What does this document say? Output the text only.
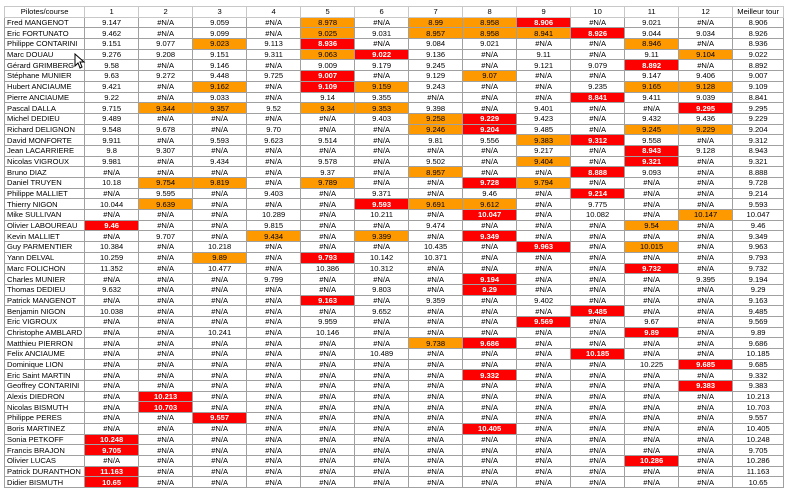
Pilotes/course	1	2	3	4	5	6	7	8	9	10	11	12	Meilleur tour
Fred MANGENOT	9.147	#N/A	9.059	#N/A	8.978	#N/A	8.99	8.958	8.906	#N/A	9.021	#N/A	8.906
Eric FORTUNATO	9.462	#N/A	9.099	#N/A	9.025	9.031	8.957	8.958	8.941	8.926	9.044	9.034	8.926
Philippe CONTARINI	9.151	9.077	9.023	9.113	8.936	#N/A	9.084	9.021	#N/A	#N/A	8.946	#N/A	8.936
Marc DOUAU	9.276	9.208	9.151	9.311	9.063	9.022	9.136	#N/A	9.11	#N/A	9.11	9.104	9.022
Gérard GRIMBERG	9.58	#N/A	9.146	#N/A	9.009	9.179	9.245	#N/A	9.121	9.079	8.892	#N/A	8.892
Stéphane MUNIER	9.63	9.272	9.448	9.725	9.007	#N/A	9.129	9.07	#N/A	#N/A	9.147	9.406	9.007
Hubert ANCIAUME	9.421	#N/A	9.162	#N/A	9.109	9.159	9.243	#N/A	#N/A	9.235	9.165	9.128	9.109
Pierre ANCIAUME	9.22	#N/A	9.033	#N/A	9.14	9.355	#N/A	#N/A	#N/A	8.841	9.411	9.039	8.841
Pascal DALLA	9.715	9.344	9.357	9.52	9.34	9.353	9.398	#N/A	9.401	#N/A	#N/A	9.295	9.295
Michel DEDIEU	9.489	#N/A	#N/A	#N/A	#N/A	9.403	9.258	9.229	9.423	#N/A	9.432	9.436	9.229
Richard DELIGNON	9.548	9.678	#N/A	9.70	#N/A	#N/A	9.246	9.204	9.485	#N/A	9.245	9.229	9.204
David MONFORTE	9.911	#N/A	9.593	9.623	9.514	#N/A	9.81	9.556	9.383	9.312	9.558	#N/A	9.312
Jean LACARRIERE	9.8	9.307	#N/A	#N/A	#N/A	#N/A	#N/A	#N/A	9.217	#N/A	8.943	9.128	8.943
Nicolas VIGROUX	9.981	#N/A	9.434	#N/A	9.578	#N/A	9.502	#N/A	9.404	#N/A	9.321	#N/A	9.321
Bruno DIAZ	#N/A	#N/A	#N/A	#N/A	9.37	#N/A	8.957	#N/A	#N/A	8.888	9.093	#N/A	8.888
Daniel TRUYEN	10.18	9.754	9.819	#N/A	9.789	#N/A	#N/A	9.728	9.794	#N/A	#N/A	#N/A	9.728
Philippe MALLIET	#N/A	9.595	#N/A	9.403	#N/A	9.371	#N/A	9.46	#N/A	9.214	#N/A	#N/A	9.214
Thierry NIGON	10.044	9.639	#N/A	#N/A	#N/A	9.593	9.691	9.612	#N/A	9.775	#N/A	#N/A	9.593
Mike SULLIVAN	#N/A	#N/A	#N/A	10.289	#N/A	10.211	#N/A	10.047	#N/A	10.082	#N/A	10.147	10.047
Olivier LABOUREAU	9.46	#N/A	#N/A	9.815	#N/A	#N/A	9.474	#N/A	#N/A	#N/A	9.54	#N/A	9.46
Kevin MALLIET	#N/A	9.707	#N/A	9.434	#N/A	9.399	#N/A	9.349	#N/A	#N/A	#N/A	#N/A	9.349
Guy PARMENTIER	10.384	#N/A	10.218	#N/A	#N/A	#N/A	10.435	#N/A	9.963	#N/A	10.015	#N/A	9.963
Yann DELVAL	10.259	#N/A	9.89	#N/A	9.793	10.142	10.371	#N/A	#N/A	#N/A	#N/A	#N/A	9.793
Marc FOLICHON	11.352	#N/A	10.477	#N/A	10.386	10.312	#N/A	#N/A	#N/A	#N/A	9.732	#N/A	9.732
Charles MUNIER	#N/A	#N/A	#N/A	9.799	#N/A	#N/A	#N/A	9.194	#N/A	#N/A	#N/A	9.395	9.194
Thomas DEDIEU	9.632	#N/A	#N/A	#N/A	#N/A	9.803	#N/A	9.29	#N/A	#N/A	#N/A	#N/A	9.29
Patrick MANGENOT	#N/A	#N/A	#N/A	#N/A	9.163	#N/A	9.359	#N/A	9.402	#N/A	#N/A	#N/A	9.163
Benjamin NIGON	10.038	#N/A	#N/A	#N/A	#N/A	9.652	#N/A	#N/A	#N/A	9.485	#N/A	#N/A	9.485
Eric VIGROUX	#N/A	#N/A	#N/A	#N/A	9.959	#N/A	#N/A	#N/A	9.569	#N/A	9.67	#N/A	9.569
Christophe AMBLARD	#N/A	#N/A	10.241	#N/A	10.146	#N/A	#N/A	#N/A	#N/A	#N/A	9.89	#N/A	9.89
Matthieu PIERRON	#N/A	#N/A	#N/A	#N/A	#N/A	#N/A	9.738	9.686	#N/A	#N/A	#N/A	#N/A	9.686
Felix ANCIAUME	#N/A	#N/A	#N/A	#N/A	#N/A	10.489	#N/A	#N/A	#N/A	10.185	#N/A	#N/A	10.185
Dominique LION	#N/A	#N/A	#N/A	#N/A	#N/A	#N/A	#N/A	#N/A	#N/A	#N/A	10.225	9.685	9.685
Eric Saint MARTIN	#N/A	#N/A	#N/A	#N/A	#N/A	#N/A	#N/A	9.332	#N/A	#N/A	#N/A	#N/A	9.332
Geoffrey CONTARINI	#N/A	#N/A	#N/A	#N/A	#N/A	#N/A	#N/A	#N/A	#N/A	#N/A	#N/A	9.383	9.383
Alexis DIEDRON	#N/A	10.213	#N/A	#N/A	#N/A	#N/A	#N/A	#N/A	#N/A	#N/A	#N/A	#N/A	10.213
Nicolas BISMUTH	#N/A	10.703	#N/A	#N/A	#N/A	#N/A	#N/A	#N/A	#N/A	#N/A	#N/A	#N/A	10.703
Philippe PERES	#N/A	#N/A	9.557	#N/A	#N/A	#N/A	#N/A	#N/A	#N/A	#N/A	#N/A	#N/A	9.557
Boris MARTINEZ	#N/A	#N/A	#N/A	#N/A	#N/A	#N/A	#N/A	10.405	#N/A	#N/A	#N/A	#N/A	10.405
Sonia PETKOFF	10.248	#N/A	#N/A	#N/A	#N/A	#N/A	#N/A	#N/A	#N/A	#N/A	#N/A	#N/A	10.248
Francis BRAJON	9.705	#N/A	#N/A	#N/A	#N/A	#N/A	#N/A	#N/A	#N/A	#N/A	#N/A	#N/A	9.705
Olivier LUCAS	#N/A	#N/A	#N/A	#N/A	#N/A	#N/A	#N/A	#N/A	#N/A	#N/A	10.286	#N/A	10.286
Patrick DURANTHON	11.163	#N/A	#N/A	#N/A	#N/A	#N/A	#N/A	#N/A	#N/A	#N/A	#N/A	#N/A	11.163
Didier BISMUTH	10.65	#N/A	#N/A	#N/A	#N/A	#N/A	#N/A	#N/A	#N/A	#N/A	#N/A	#N/A	10.65
